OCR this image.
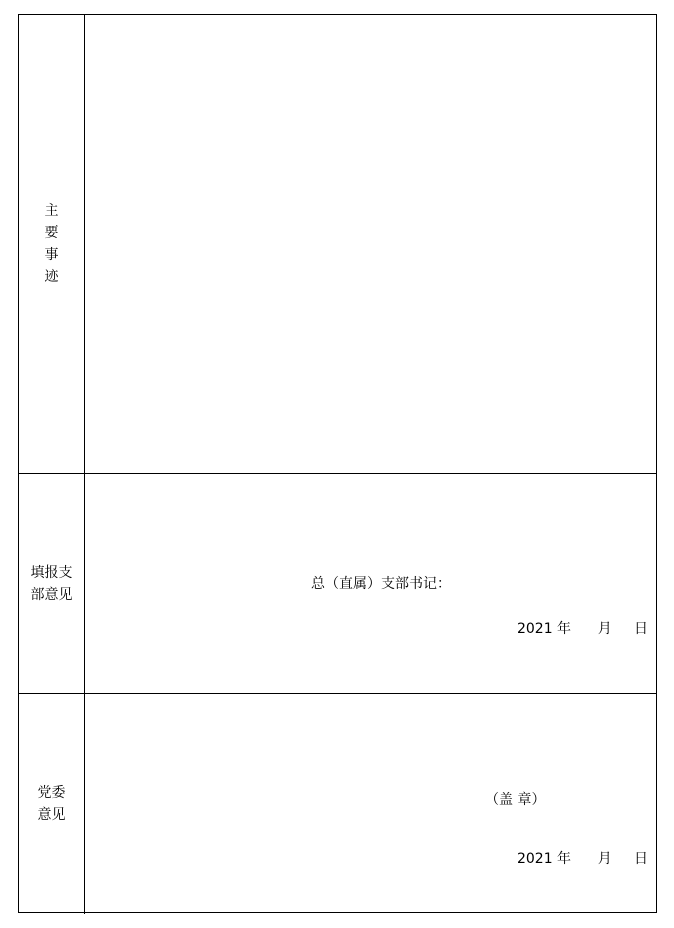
主
要
事
迹
填报支
部意见
总（直属）支部书记：
2021 年      月     日
党委
意见
（盖 章）
2021 年      月     日
